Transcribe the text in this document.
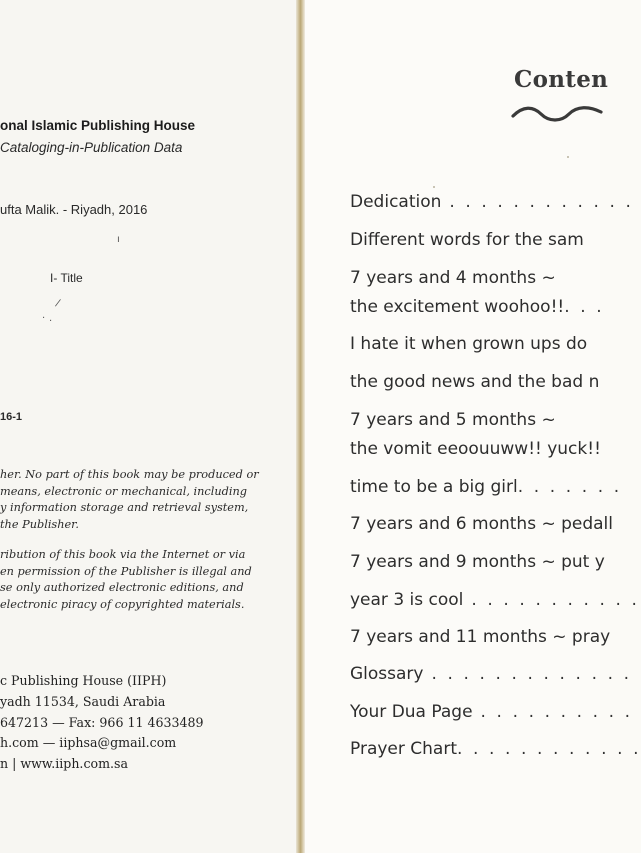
onal Islamic Publishing House
Cataloging-in-Publication Data
ufta Malik. - Riyadh, 2016
ı
I- Title
/
· ·
16-1
her. No part of this book may be produced or
means, electronic or mechanical, including
y information storage and retrieval system,
the Publisher.
ribution of this book via the Internet or via
en permission of the Publisher is illegal and
se only authorized electronic editions, and
electronic piracy of copyrighted materials.
c Publishing House (IIPH)
yadh 11534, Saudi Arabia
647213 — Fax: 966 11 4633489
h.com — iiphsa@gmail.com
n | www.iiph.com.sa
Conten
Dedication . . . . . . . . . . . .
Different words for the sam
7 years and 4 months ~
the excitement woohoo!!. . .
I hate it when grown ups do
the good news and the bad n
7 years and 5 months ~
the vomit eeoouuww!! yuck!!
time to be a big girl. . . . . . .
7 years and 6 months ~ pedall
7 years and 9 months ~ put y
year 3 is cool . . . . . . . . . . .
7 years and 11 months ~ pray
Glossary . . . . . . . . . . . . .
Your Dua Page . . . . . . . . . .
Prayer Chart. . . . . . . . . . . .
